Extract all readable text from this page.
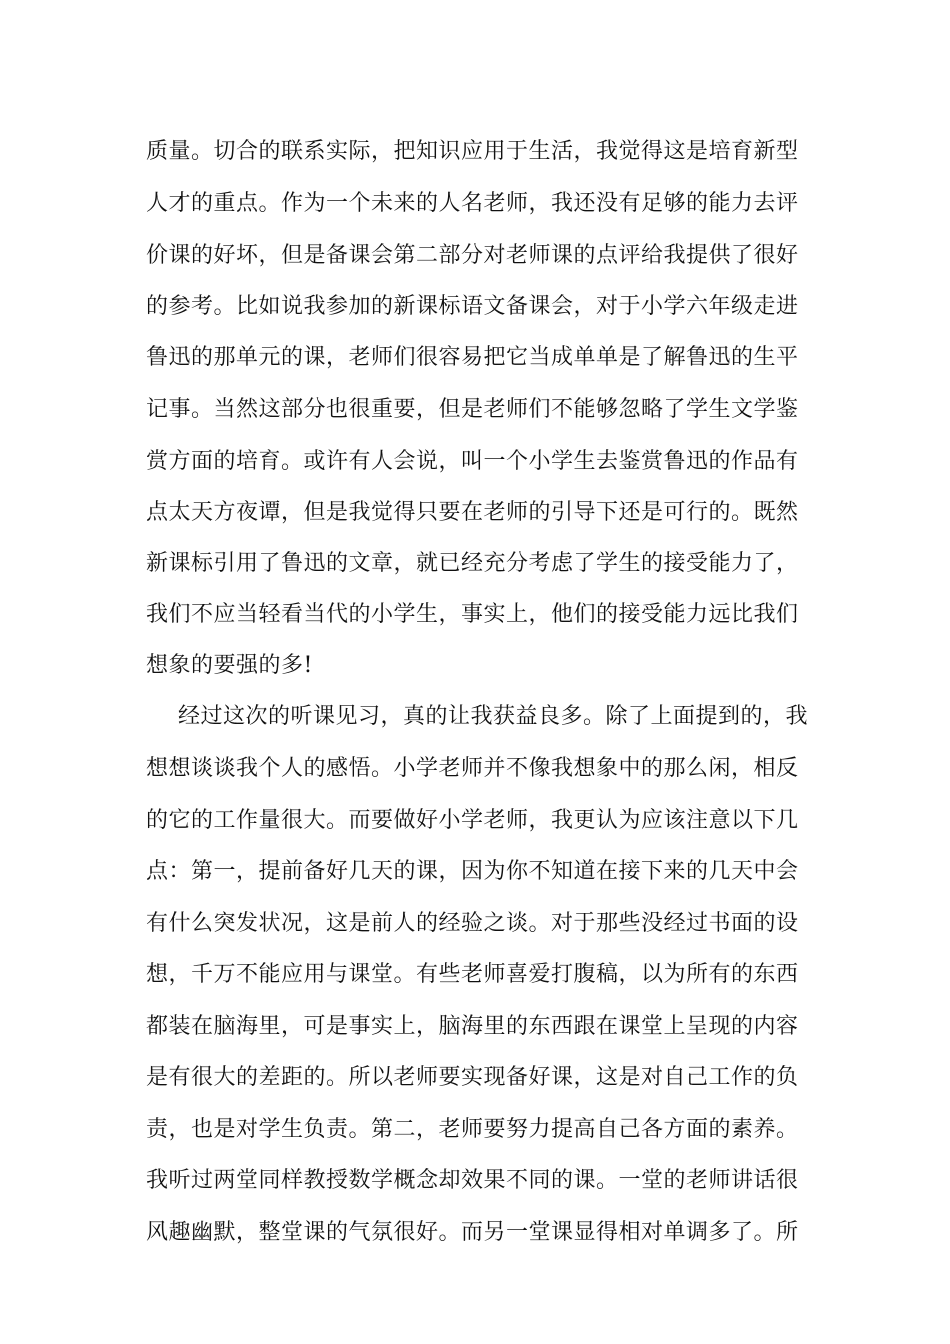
质量。切合的联系实际，把知识应用于生活，我觉得这是培育新型
人才的重点。作为一个未来的人名老师，我还没有足够的能力去评
价课的好坏，但是备课会第二部分对老师课的点评给我提供了很好
的参考。比如说我参加的新课标语文备课会，对于小学六年级走进
鲁迅的那单元的课，老师们很容易把它当成单单是了解鲁迅的生平
记事。当然这部分也很重要，但是老师们不能够忽略了学生文学鉴
赏方面的培育。或许有人会说，叫一个小学生去鉴赏鲁迅的作品有
点太天方夜谭，但是我觉得只要在老师的引导下还是可行的。既然
新课标引用了鲁迅的文章，就已经充分考虑了学生的接受能力了，
我们不应当轻看当代的小学生，事实上，他们的接受能力远比我们
想象的要强的多!
经过这次的听课见习，真的让我获益良多。除了上面提到的，我
想想谈谈我个人的感悟。小学老师并不像我想象中的那么闲，相反
的它的工作量很大。而要做好小学老师，我更认为应该注意以下几
点：第一，提前备好几天的课，因为你不知道在接下来的几天中会
有什么突发状况，这是前人的经验之谈。对于那些没经过书面的设
想，千万不能应用与课堂。有些老师喜爱打腹稿，以为所有的东西
都装在脑海里，可是事实上，脑海里的东西跟在课堂上呈现的内容
是有很大的差距的。所以老师要实现备好课，这是对自己工作的负
责，也是对学生负责。第二，老师要努力提高自己各方面的素养。
我听过两堂同样教授数学概念却效果不同的课。一堂的老师讲话很
风趣幽默，整堂课的气氛很好。而另一堂课显得相对单调多了。所
